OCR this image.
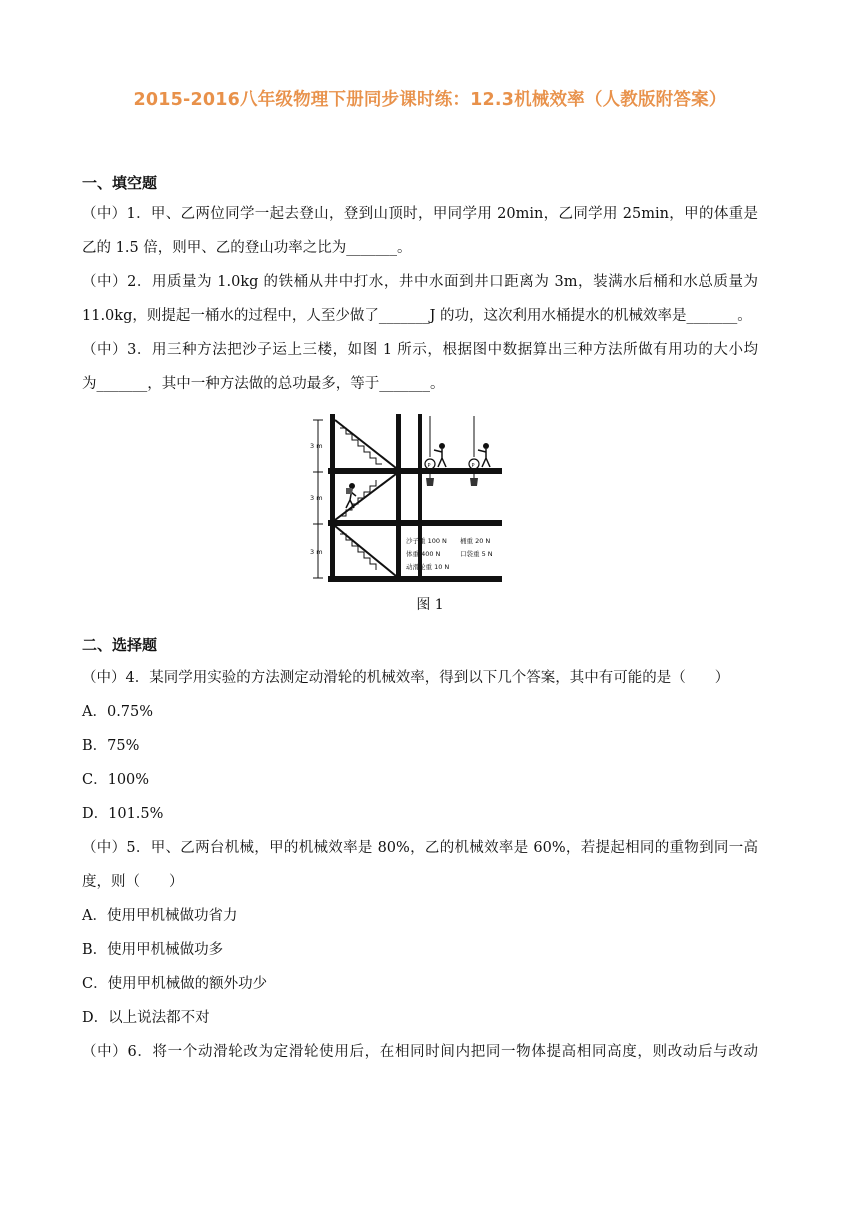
2015-2016八年级物理下册同步课时练：12.3机械效率（人教版附答案）
一、填空题
（中）1．甲、乙两位同学一起去登山，登到山顶时，甲同学用 20min，乙同学用 25min，甲的体重是
乙的 1.5 倍，则甲、乙的登山功率之比为_______。
（中）2．用质量为 1.0kg 的铁桶从井中打水，井中水面到井口距离为 3m，装满水后桶和水总质量为
11.0kg，则提起一桶水的过程中，人至少做了_______J 的功，这次利用水桶提水的机械效率是_______。
（中）3．用三种方法把沙子运上三楼，如图 1 所示，根据图中数据算出三种方法所做有用功的大小均
为_______，其中一种方法做的总功最多，等于_______。
3 m
3 m
3 m
P	P
沙子重 100 N 桶重 20 N
体重 400 N	口袋重 5 N
动滑轮重 10 N
图 1
二、选择题
（中）4．某同学用实验的方法测定动滑轮的机械效率，得到以下几个答案，其中有可能的是（　　）
A．0.75%
B．75%
C．100%
D．101.5%
（中）5．甲、乙两台机械，甲的机械效率是 80%，乙的机械效率是 60%，若提起相同的重物到同一高
度，则（　　）
A．使用甲机械做功省力
B．使用甲机械做功多
C．使用甲机械做的额外功少
D．以上说法都不对
（中）6．将一个动滑轮改为定滑轮使用后，在相同时间内把同一物体提高相同高度，则改动后与改动
